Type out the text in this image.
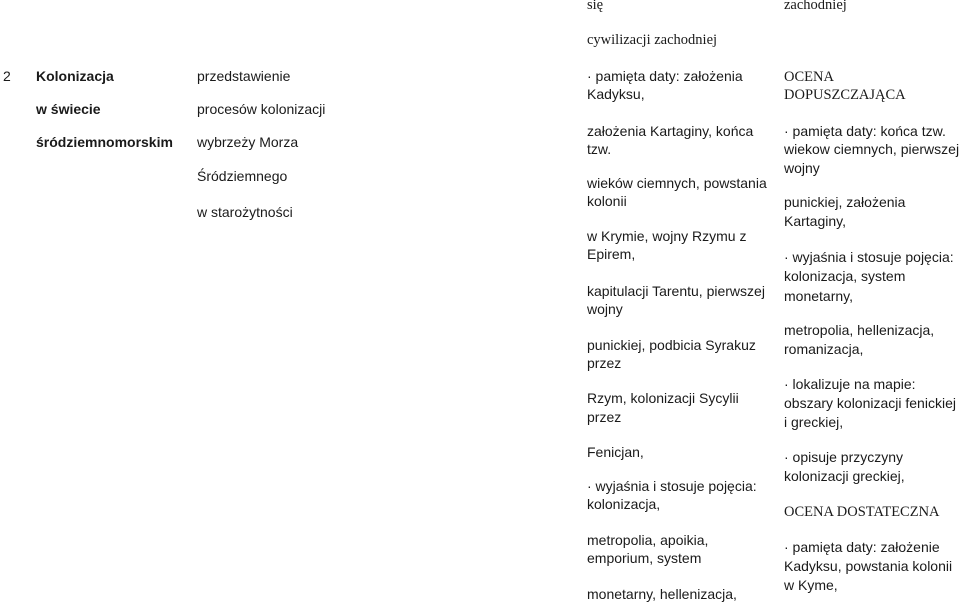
się

cywilizacji zachodniej

zachodniej

2 Kolonizacja

w świecie

śródziemnomorskim

przedstawienie

procesów kolonizacji

wybrzeży Morza

Śródziemnego

w starożytności

· pamięta daty: założenia

Kadyksu,

założenia Kartaginy, końca

tzw.

wieków ciemnych, powstania

kolonii

w Krymie, wojny Rzymu z

Epirem,

kapitulacji Tarentu, pierwszej

wojny

punickiej, podbicia Syrakuz

przez

Rzym, kolonizacji Sycylii

przez

Fenicjan,

· wyjaśnia i stosuje pojęcia:

kolonizacja,

metropolia, apoikia,

emporium, system

monetarny, hellenizacja,

OCENA

DOPUSZCZAJĄCA

· pamięta daty: końca tzw.

wiekow ciemnych, pierwszej

wojny

punickiej, założenia

Kartaginy,

· wyjaśnia i stosuje pojęcia:

kolonizacja, system

monetarny,

metropolia, hellenizacja,

romanizacja,

· lokalizuje na mapie:

obszary kolonizacji fenickiej

i greckiej,

· opisuje przyczyny

kolonizacji greckiej,

OCENA DOSTATECZNA

· pamięta daty: założenie

Kadyksu, powstania kolonii

w Kyme,
